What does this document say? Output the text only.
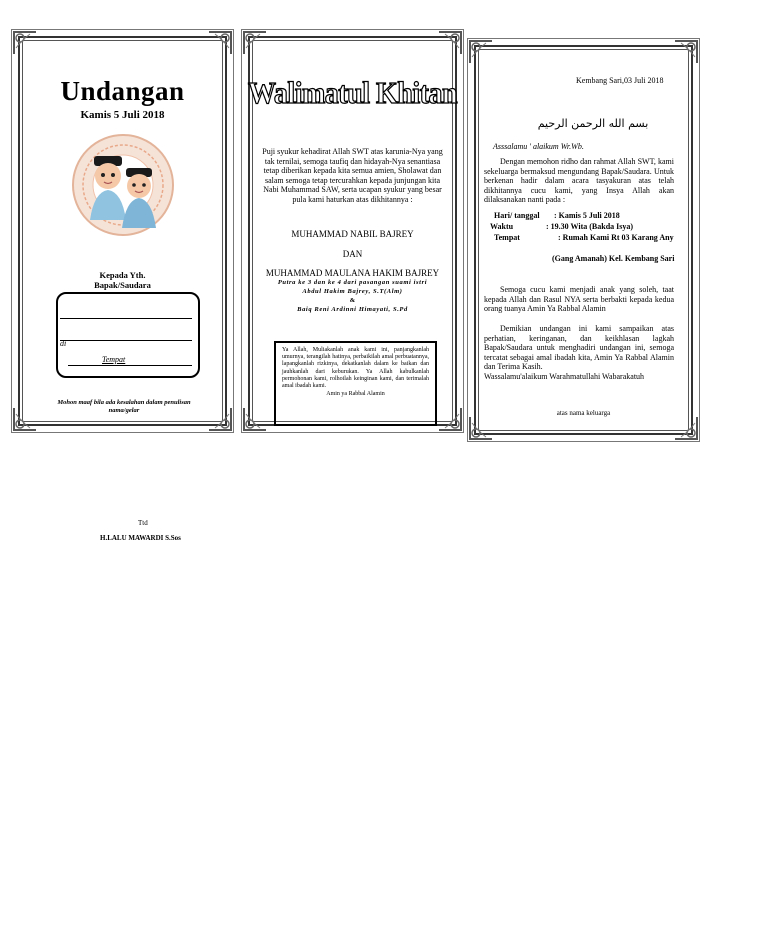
Undangan
Kamis 5 Juli 2018
Kepada Yth.
Bapak/Saudara
di
Tempat
Mohon maaf bila ada kesalahan dalam penulisan nama/gelar
Walimatul Khitan
Puji syukur kehadirat Allah SWT atas karunia-Nya yang tak ternilai, semoga taufiq dan hidayah-Nya senantiasa tetap diberikan kepada kita semua amien, Sholawat dan salam semoga tetap tercurahkan kepada junjungan kita Nabi Muhammad SAW, serta ucapan syukur yang besar pula kami haturkan atas dikhitannya :
MUHAMMAD NABIL BAJREY
DAN
MUHAMMAD MAULANA HAKIM BAJREY
Putra ke 3 dan ke 4 dari pasangan suami istri
Abdul Hakim Bajrey, S.T(Alm)
&
Baiq Reni Ardinni Himayati, S.Pd
Ya Allah, Muliakanlah anak kami ini, panjangkanlah umurnya, terangilah hatinya, perbaikilah amal perbuatannya, lapangkanlah rizkinya, dekatkanlah dalam ke baikan dan jauhkanlah dari keburukan. Ya Allah kabulkanlah permohonan kami, rolhoilah keinginan kami, dan terimalah amal ibadah kami.
Amin ya Rabbal Alamin
Kembang Sari,03 Juli 2018
بسم الله الرحمن الرحيم
Asssalamu ' alaikum Wr.Wb.
Dengan memohon ridho dan rahmat Allah SWT, kami sekeluarga bermaksud mengundang Bapak/Saudara. Untuk berkenan hadir dalam acara tasyakuran atas telah dikhitannya cucu kami, yang Insya Allah akan dilaksanakan nanti pada :
Hari/ tanggal : Kamis 5 Juli 2018
Waktu	: 19.30 Wita (Bakda Isya)
Tempat	: Rumah Kami Rt 03 Karang Any
(Gang Amanah) Kel. Kembang Sari
Semoga cucu kami menjadi anak yang soleh, taat kepada Allah dan Rasul NYA serta berbakti kepada kedua orang tuanya Amin Ya Rabbal Alamin
Demikian undangan ini kami sampaikan atas perhatian, keringanan, dan keikhlasan lagkah Bapak/Saudara untuk menghadiri undangan ini, semoga tercatat sebagai amal ibadah kita, Amin Ya Rabbal Alamin dan Terima Kasih.
Wassalamu'alaikum Warahmatullahi Wabarakatuh
atas nama keluarga
Ttd
H.LALU MAWARDI S.Sos
